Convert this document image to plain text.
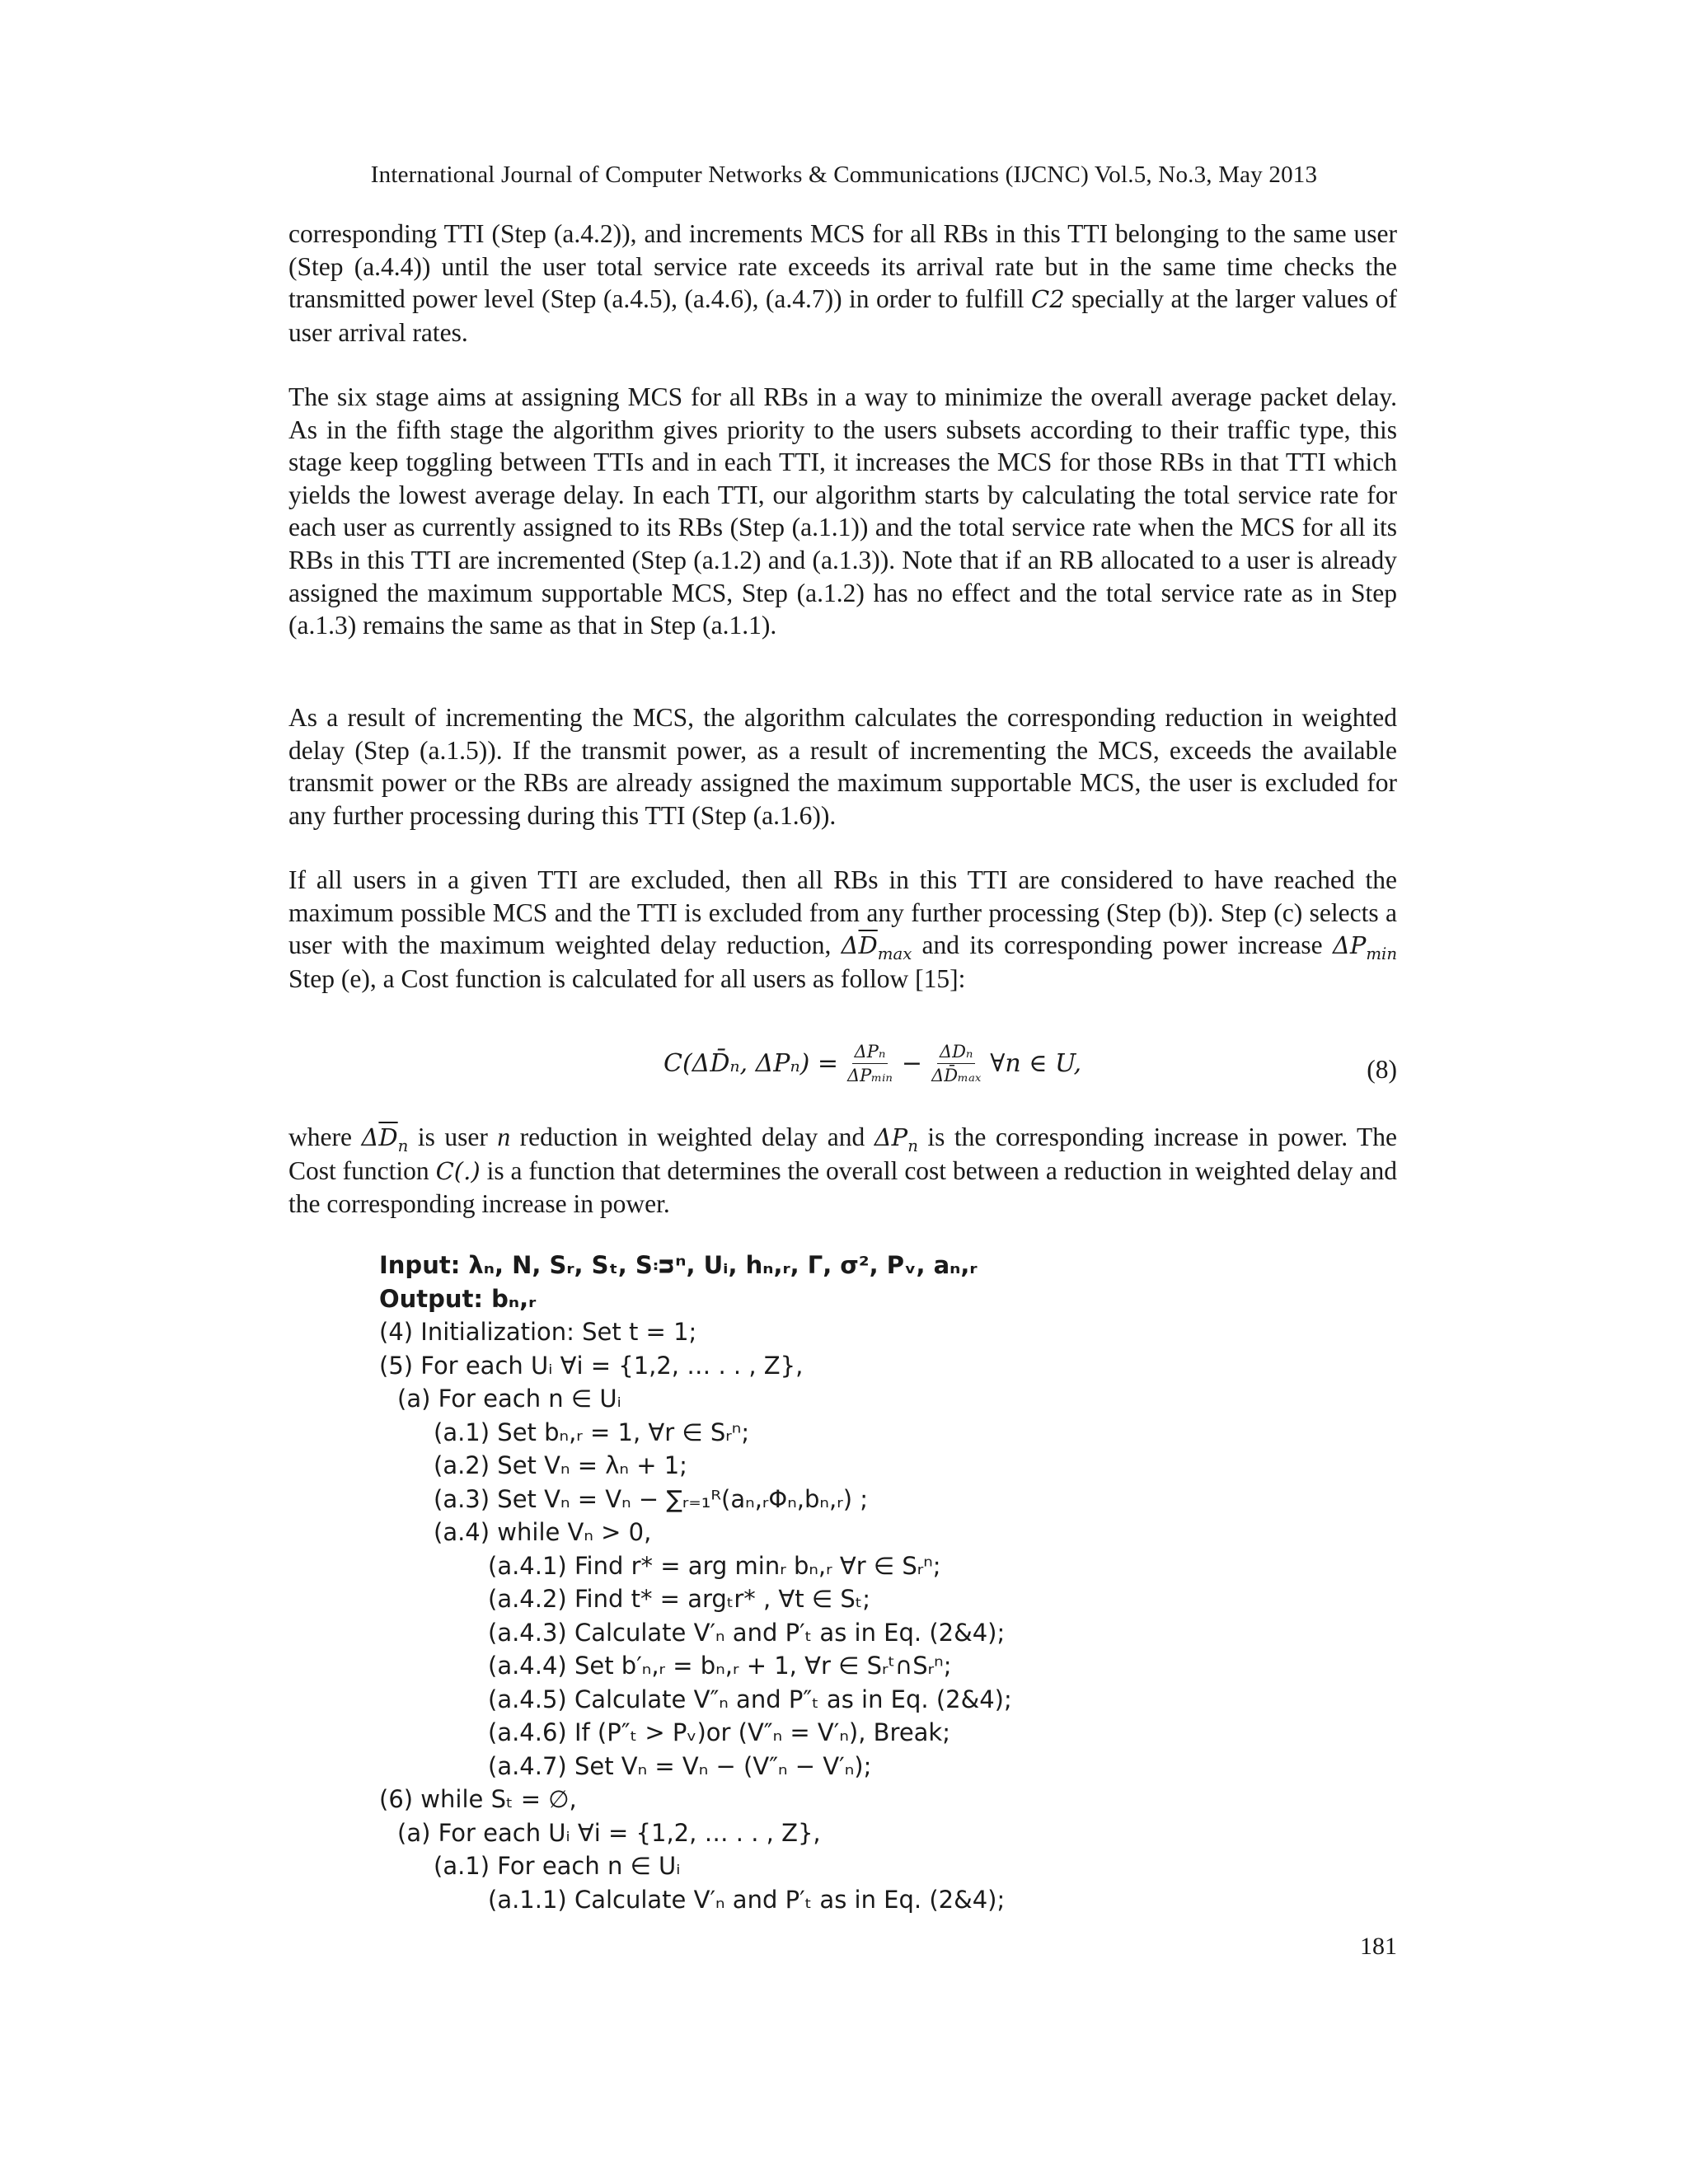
International Journal of Computer Networks & Communications (IJCNC) Vol.5, No.3, May 2013
corresponding TTI (Step (a.4.2)), and increments MCS for all RBs in this TTI belonging to the same user (Step (a.4.4)) until the user total service rate exceeds its arrival rate but in the same time checks the transmitted power level (Step (a.4.5), (a.4.6), (a.4.7)) in order to fulfill C2 specially at the larger values of user arrival rates.
The six stage aims at assigning MCS for all RBs in a way to minimize the overall average packet delay. As in the fifth stage the algorithm gives priority to the users subsets according to their traffic type, this stage keep toggling between TTIs and in each TTI, it increases the MCS for those RBs in that TTI which yields the lowest average delay. In each TTI, our algorithm starts by calculating the total service rate for each user as currently assigned to its RBs (Step (a.1.1)) and the total service rate when the MCS for all its RBs in this TTI are incremented (Step (a.1.2) and (a.1.3)). Note that if an RB allocated to a user is already assigned the maximum supportable MCS, Step (a.1.2) has no effect and the total service rate as in Step (a.1.3) remains the same as that in Step (a.1.1).
As a result of incrementing the MCS, the algorithm calculates the corresponding reduction in weighted delay (Step (a.1.5)). If the transmit power, as a result of incrementing the MCS, exceeds the available transmit power or the RBs are already assigned the maximum supportable MCS, the user is excluded for any further processing during this TTI (Step (a.1.6)).
If all users in a given TTI are excluded, then all RBs in this TTI are considered to have reached the maximum possible MCS and the TTI is excluded from any further processing (Step (b)). Step (c) selects a user with the maximum weighted delay reduction, $\Delta\overline{D}_{max}$ and its corresponding power increase $\Delta P_{min}$ Step (e), a Cost function is calculated for all users as follow [15]:
C(ΔD̄ₙ, $\Delta P_n) = \frac{\text{ΔPₙ}}{\text{ΔPₘᵢₙ}} - \frac{\text{ΔDₙ}}{\text{ΔD̄ₘₐₓ}}$ ∀n ∈ U,	(8)
where $\Delta\overline{D}_n$ is user n reduction in weighted delay and $\Delta P_n$ is the corresponding increase in power. The Cost function C(.) is a function that determines the overall cost between a reduction in weighted delay and the corresponding increase in power.
Input: λₙ, N, Sᵣ, Sₜ, Sᴞⁿ, Uᵢ, hₙ,ᵣ, Γ, σ², Pᵥ, aₙ,ᵣ
Output: bₙ,ᵣ
(4) Initialization: Set t = 1;
(5) For each Uᵢ ∀i = {1,2, … . . , Z},
(a) For each n ∈ Uᵢ
(a.1) Set bₙ,ᵣ = 1, ∀r ∈ Sᵣⁿ;
(a.2) Set Vₙ = λₙ + 1;
(a.3) Set Vₙ = Vₙ − ∑ᵣ₌₁ᴿ(aₙ,ᵣΦₙ,bₙ,ᵣ) ;
(a.4) while Vₙ > 0,
(a.4.1) Find r* = arg minᵣ bₙ,ᵣ ∀r ∈ Sᵣⁿ;
(a.4.2) Find t* = argₜr* , ∀t ∈ Sₜ;
(a.4.3) Calculate V′ₙ and P′ₜ as in Eq. (2&4);
(a.4.4) Set b′ₙ,ᵣ = bₙ,ᵣ + 1, ∀r ∈ Sᵣᵗ∩Sᵣⁿ;
(a.4.5) Calculate V″ₙ and P″ₜ as in Eq. (2&4);
(a.4.6) If (P″ₜ > Pᵥ)or (V″ₙ = V′ₙ), Break;
(a.4.7) Set Vₙ = Vₙ − (V″ₙ − V′ₙ);
(6) while Sₜ = ∅,
(a) For each Uᵢ ∀i = {1,2, … . . , Z},
(a.1) For each n ∈ Uᵢ
(a.1.1) Calculate V′ₙ and P′ₜ as in Eq. (2&4);
181
